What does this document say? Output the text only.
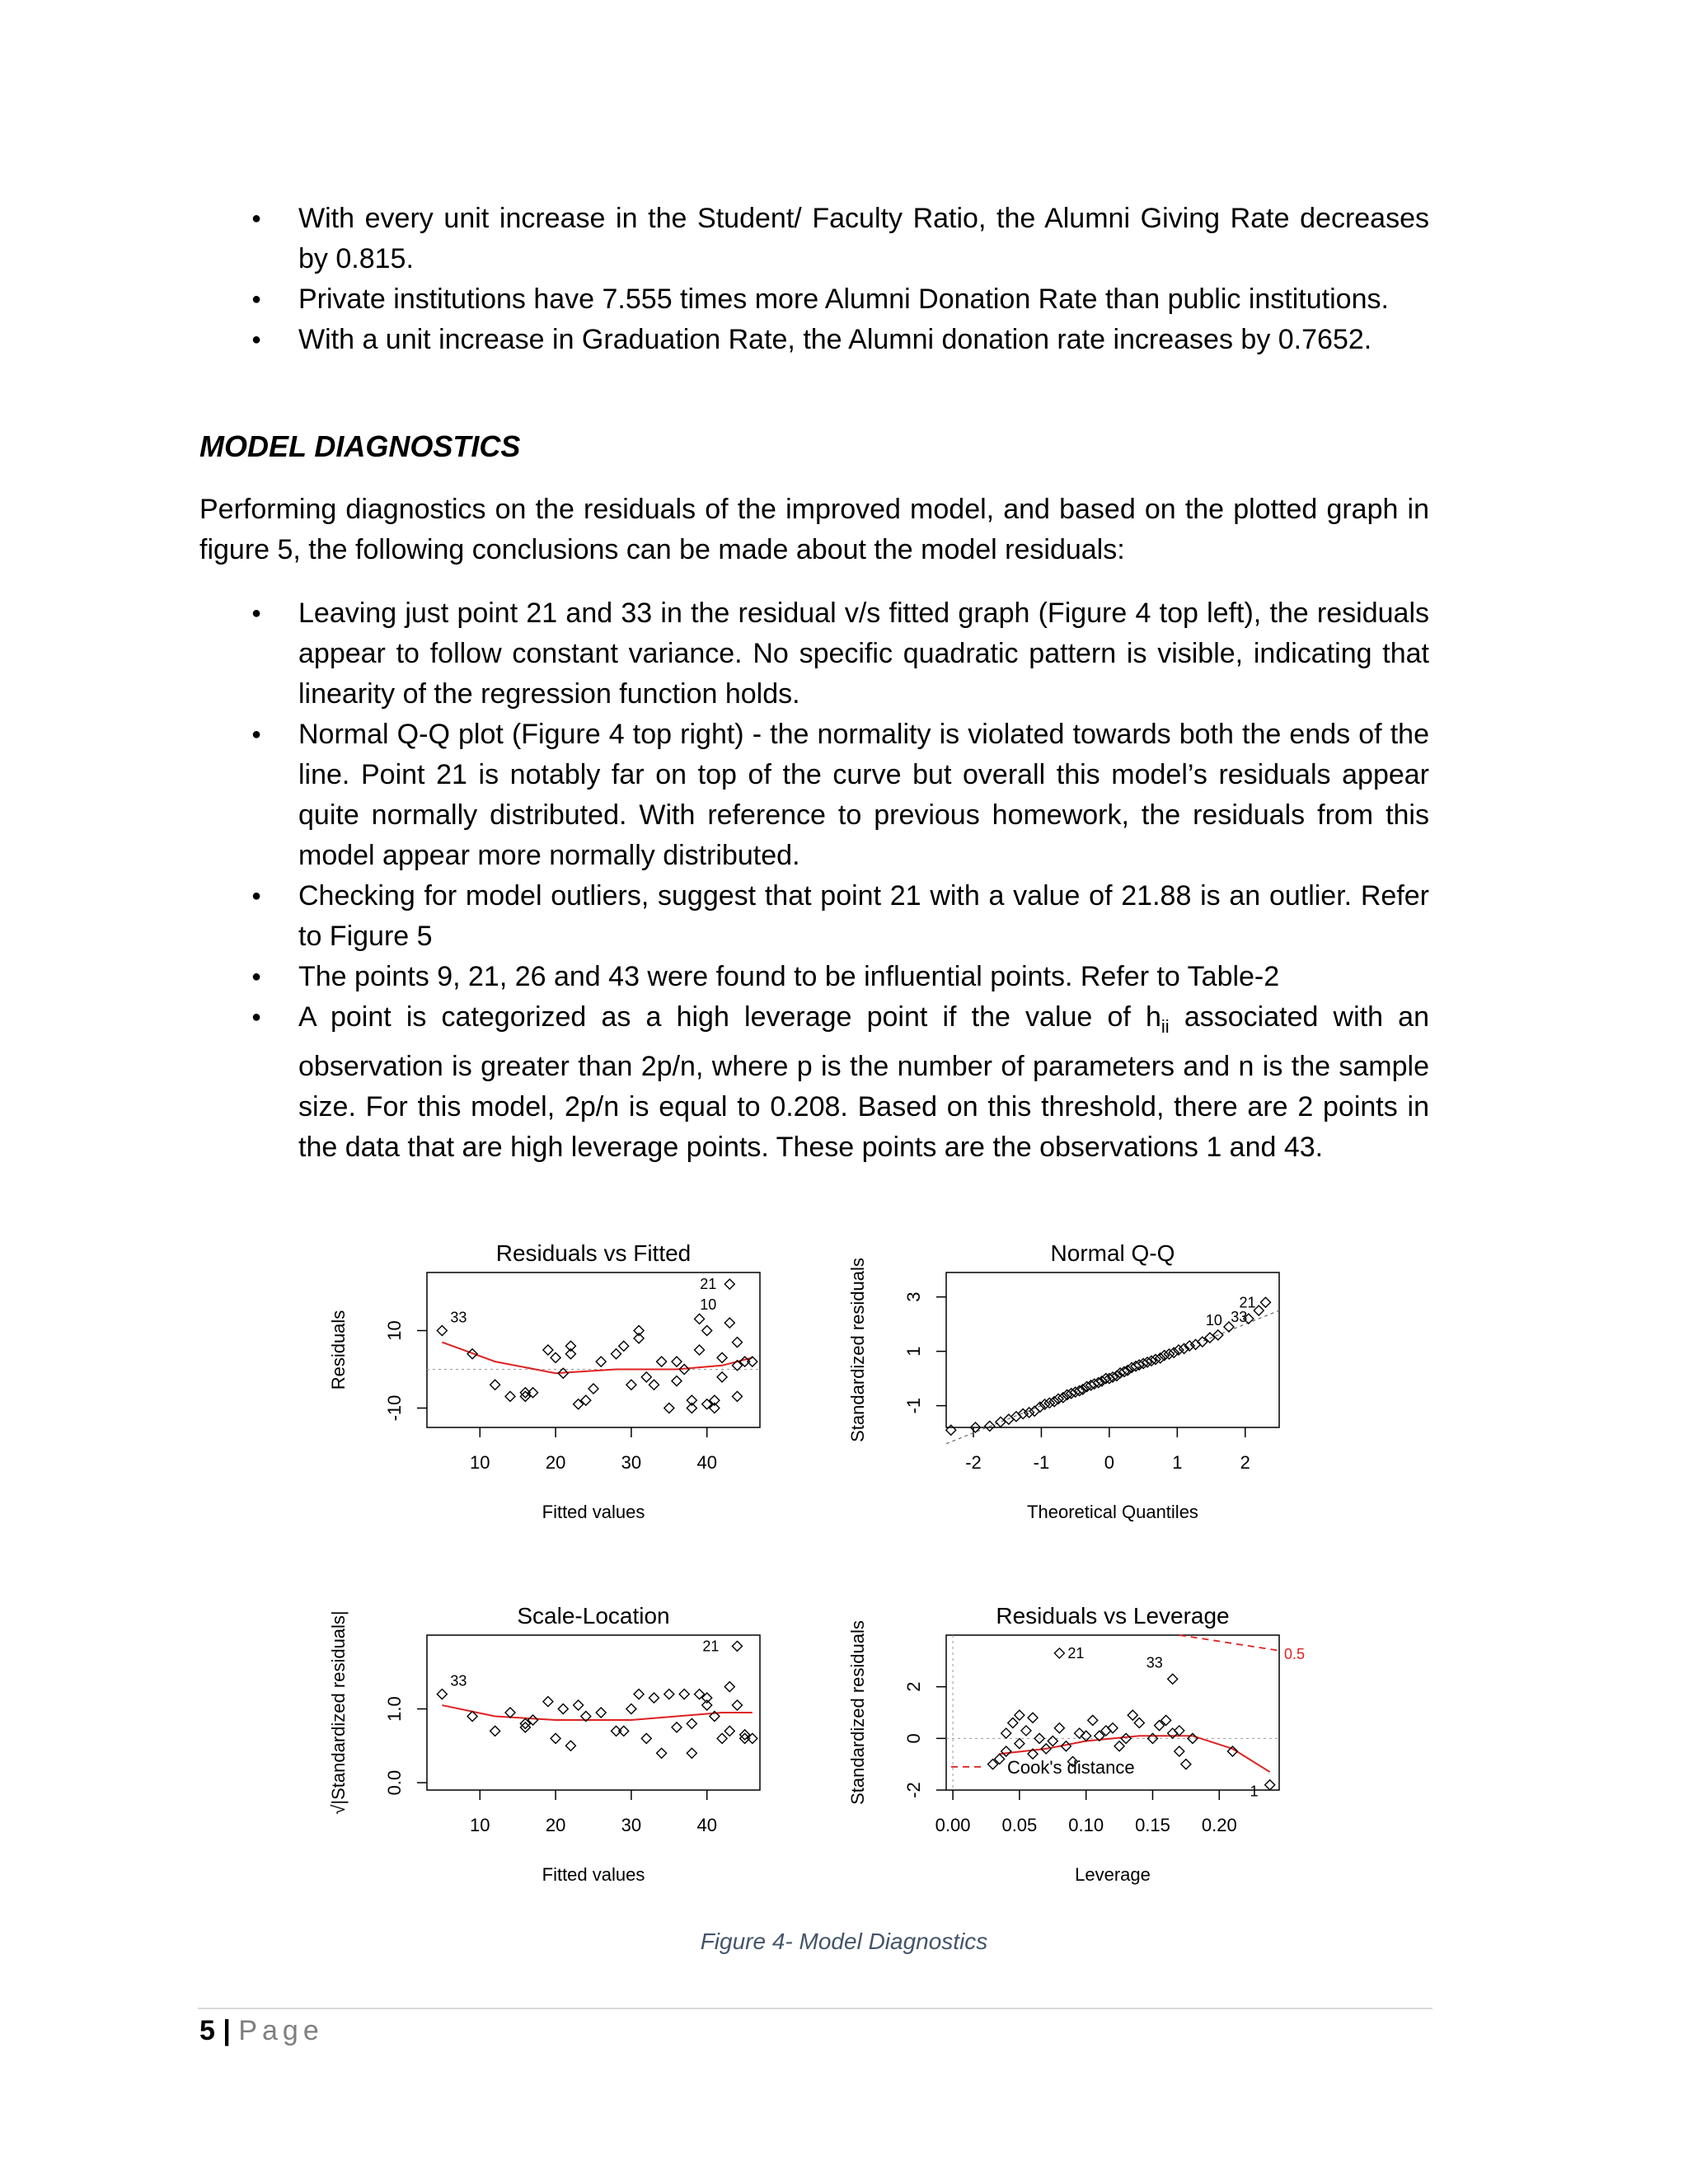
● With every unit increase in the Student/ Faculty Ratio, the Alumni Giving Rate decreases by 0.815.
● Private institutions have 7.555 times more Alumni Donation Rate than public institutions.
● With a unit increase in Graduation Rate, the Alumni donation rate increases by 0.7652.
MODEL DIAGNOSTICS

Performing diagnostics on the residuals of the improved model, and based on the plotted graph in figure 5, the following conclusions can be made about the model residuals:

● Leaving just point 21 and 33 in the residual v/s fitted graph (Figure 4 top left), the residuals appear to follow constant variance. No specific quadratic pattern is visible, indicating that linearity of the regression function holds.
● Normal Q-Q plot (Figure 4 top right) - the normality is violated towards both the ends of the line. Point 21 is notably far on top of the curve but overall this model’s residuals appear quite normally distributed. With reference to previous homework, the residuals from this model appear more normally distributed.
● Checking for model outliers, suggest that point 21 with a value of 21.88 is an outlier. Refer to Figure 5
● The points 9, 21, 26 and 43 were found to be influential points. Refer to Table-2
● A point is categorized as a high leverage point if the value of $h_{ii}$ associated with an observation is greater than 2p/n, where p is the number of parameters and n is the sample size. For this model, 2p/n is equal to 0.208. Based on this threshold, there are 2 points in the data that are high leverage points. These points are the observations 1 and 43.
Residuals vs Fitted
Fitted values
Residuals
10	20	30	40
-10
10
33
10
21
Normal Q-Q
Theoretical Quantiles
Standardized residuals
-2	-1	0	1	2
-1
1
3	21
33
10
Scale-Location
Fitted values
√|Standardized residuals|
10	20	30	40
0.0
1.0
33
21
Residuals vs Leverage
Leverage
Standardized residuals
0.00 0.05 0.10 0.15 0.20
-2
0
2
Cook's distance
0.5
21
33
1
Figure 4- Model Diagnostics
5 | Page
